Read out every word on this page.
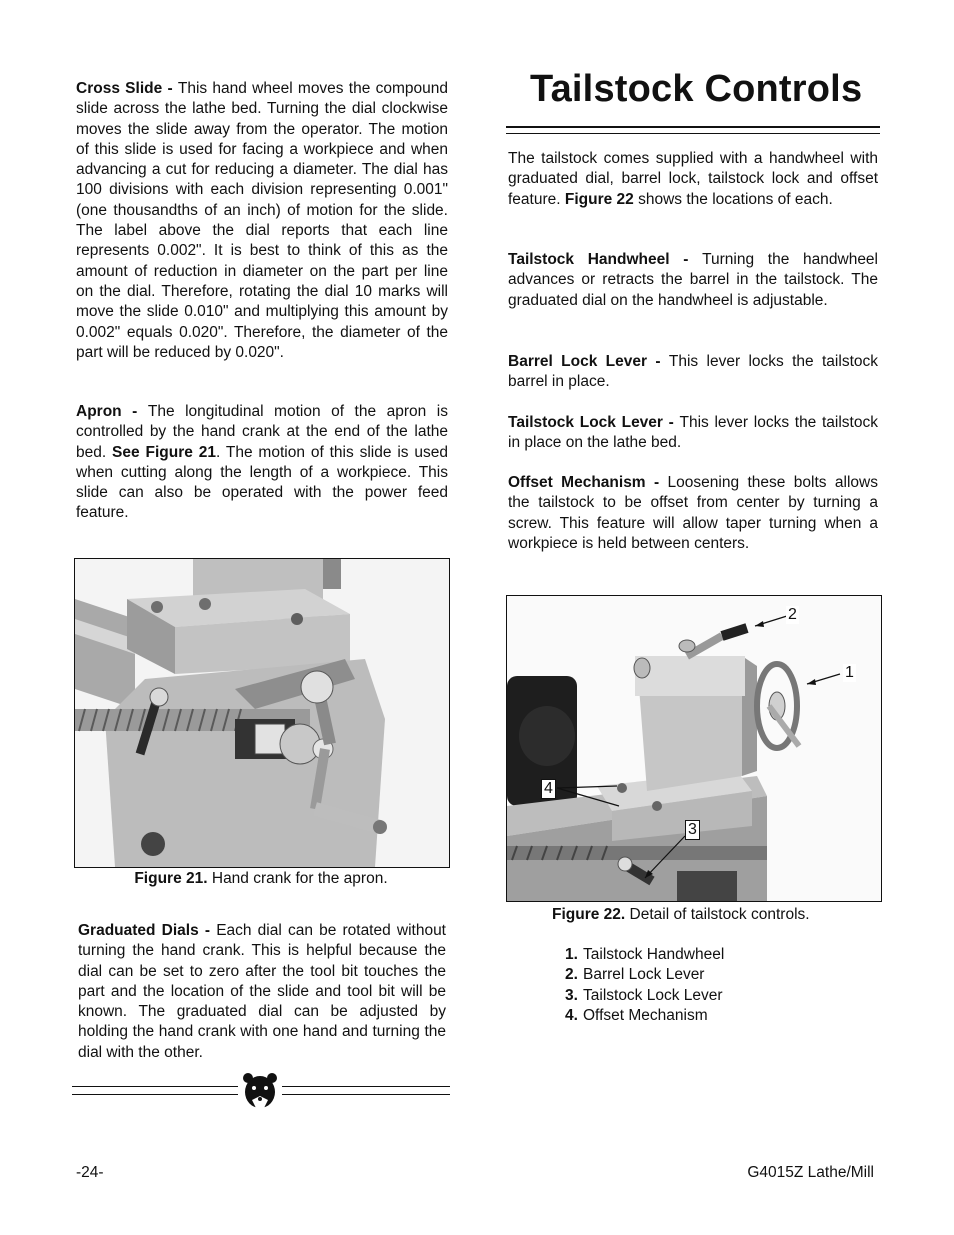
Cross Slide - This hand wheel moves the compound slide across the lathe bed. Turning the dial clockwise moves the slide away from the operator. The motion of this slide is used for facing a workpiece and when advancing a cut for reducing a diameter. The dial has 100 divisions with each division representing 0.001" (one thousandths of an inch) of motion for the slide. The label above the dial reports that each line represents 0.002". It is best to think of this as the amount of reduction in diameter on the part per line on the dial. Therefore, rotating the dial 10 marks will move the slide 0.010" and multiplying this amount by 0.002" equals 0.020". Therefore, the diameter of the part will be reduced by 0.020".
Apron - The longitudinal motion of the apron is controlled by the hand crank at the end of the lathe bed. See Figure 21. The motion of this slide is used when cutting along the length of a workpiece. This slide can also be operated with the power feed feature.
Figure 21. Hand crank for the apron.
Graduated Dials - Each dial can be rotated without turning the hand crank. This is helpful because the dial can be set to zero after the tool bit touches the part and the location of the slide and tool bit will be known. The graduated dial can be adjusted by holding the hand crank with one hand and turning the dial with the other.
Tailstock Controls
The tailstock comes supplied with a handwheel with graduated dial, barrel lock, tailstock lock and offset feature. Figure 22 shows the locations of each.
Tailstock Handwheel - Turning the handwheel advances or retracts the barrel in the tailstock. The graduated dial on the handwheel is adjustable.
Barrel Lock Lever - This lever locks the tailstock barrel in place.
Tailstock Lock Lever - This lever locks the tailstock in place on the lathe bed.
Offset Mechanism - Loosening these bolts allows the tailstock to be offset from center by turning a screw. This feature will allow taper turning when a workpiece is held between centers.
2
1
4
3
Figure 22. Detail of tailstock controls.
1. Tailstock Handwheel
2. Barrel Lock Lever
3. Tailstock Lock Lever
4. Offset Mechanism
-24-	G4015Z Lathe/Mill
